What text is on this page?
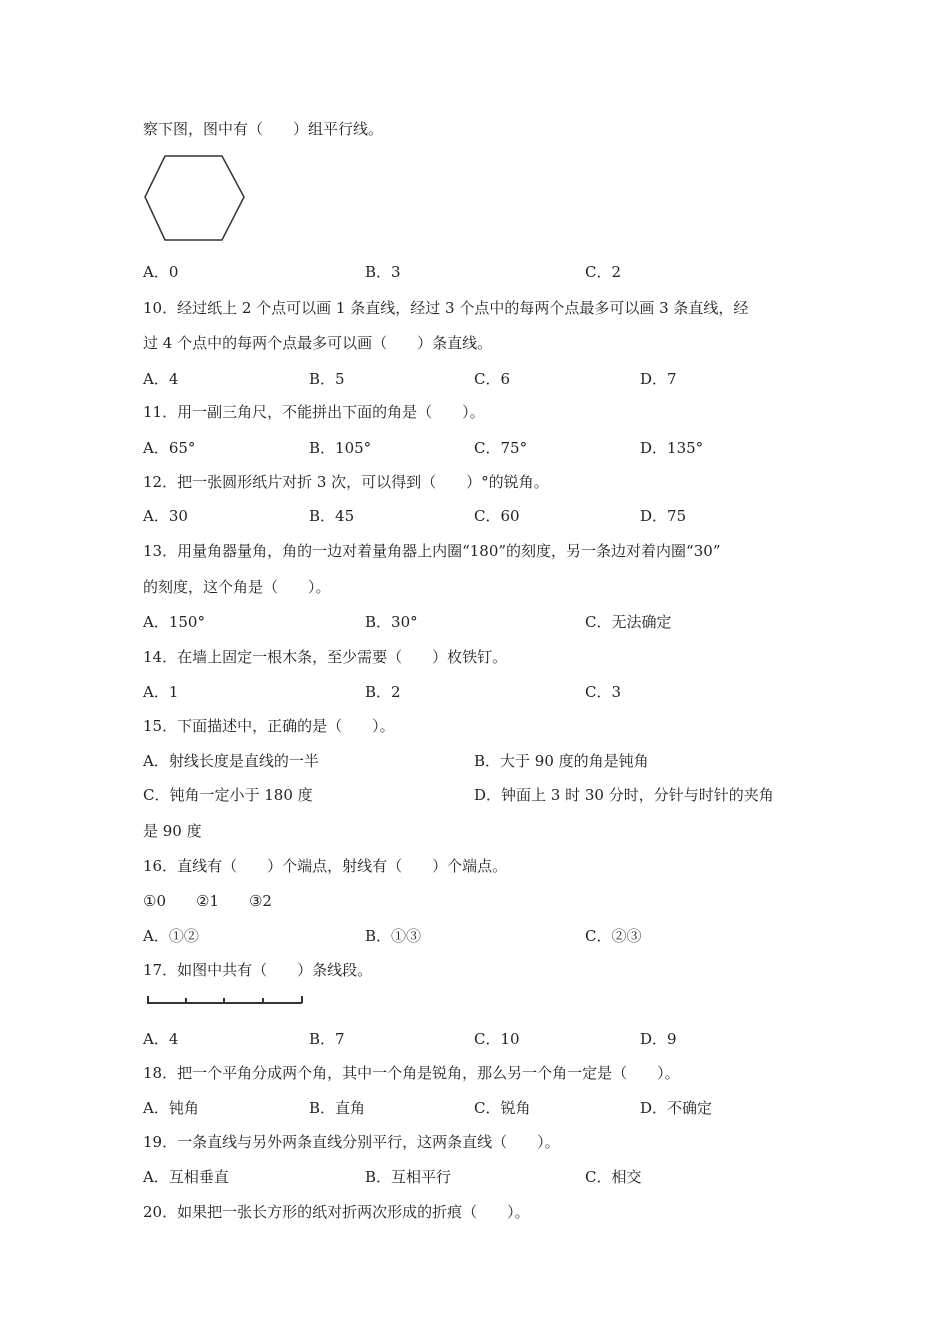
察下图，图中有（　　）组平行线。
A．0	B．3	C．2
10．经过纸上 2 个点可以画 1 条直线，经过 3 个点中的每两个点最多可以画 3 条直线，经
过 4 个点中的每两个点最多可以画（　　）条直线。
A．4	B．5	C．6	D．7
11．用一副三角尺，不能拼出下面的角是（　　）。
A．65°	B．105°	C．75°	D．135°
12．把一张圆形纸片对折 3 次，可以得到（　　）°的锐角。
A．30	B．45	C．60	D．75
13．用量角器量角，角的一边对着量角器上内圈“180”的刻度，另一条边对着内圈“30”
的刻度，这个角是（　　）。
A．150°	B．30°	C．无法确定
14．在墙上固定一根木条，至少需要（　　）枚铁钉。
A．1	B．2	C．3
15．下面描述中，正确的是（　　）。
A．射线长度是直线的一半	B．大于 90 度的角是钝角
C．钝角一定小于 180 度	D．钟面上 3 时 30 分时，分针与时针的夹角
16．直线有（　　）个端点，射线有（　　）个端点。
A．①②	B．①③	C．②③
17．如图中共有（　　）条线段。
A．4	B．7	C．10	D．9
18．把一个平角分成两个角，其中一个角是锐角，那么另一个角一定是（　　）。
A．钝角	B．直角	C．锐角	D．不确定
19．一条直线与另外两条直线分别平行，这两条直线（　　）。
A．互相垂直	B．互相平行	C．相交
20．如果把一张长方形的纸对折两次形成的折痕（　　）。
是 90 度
①0　　②1　　③2
